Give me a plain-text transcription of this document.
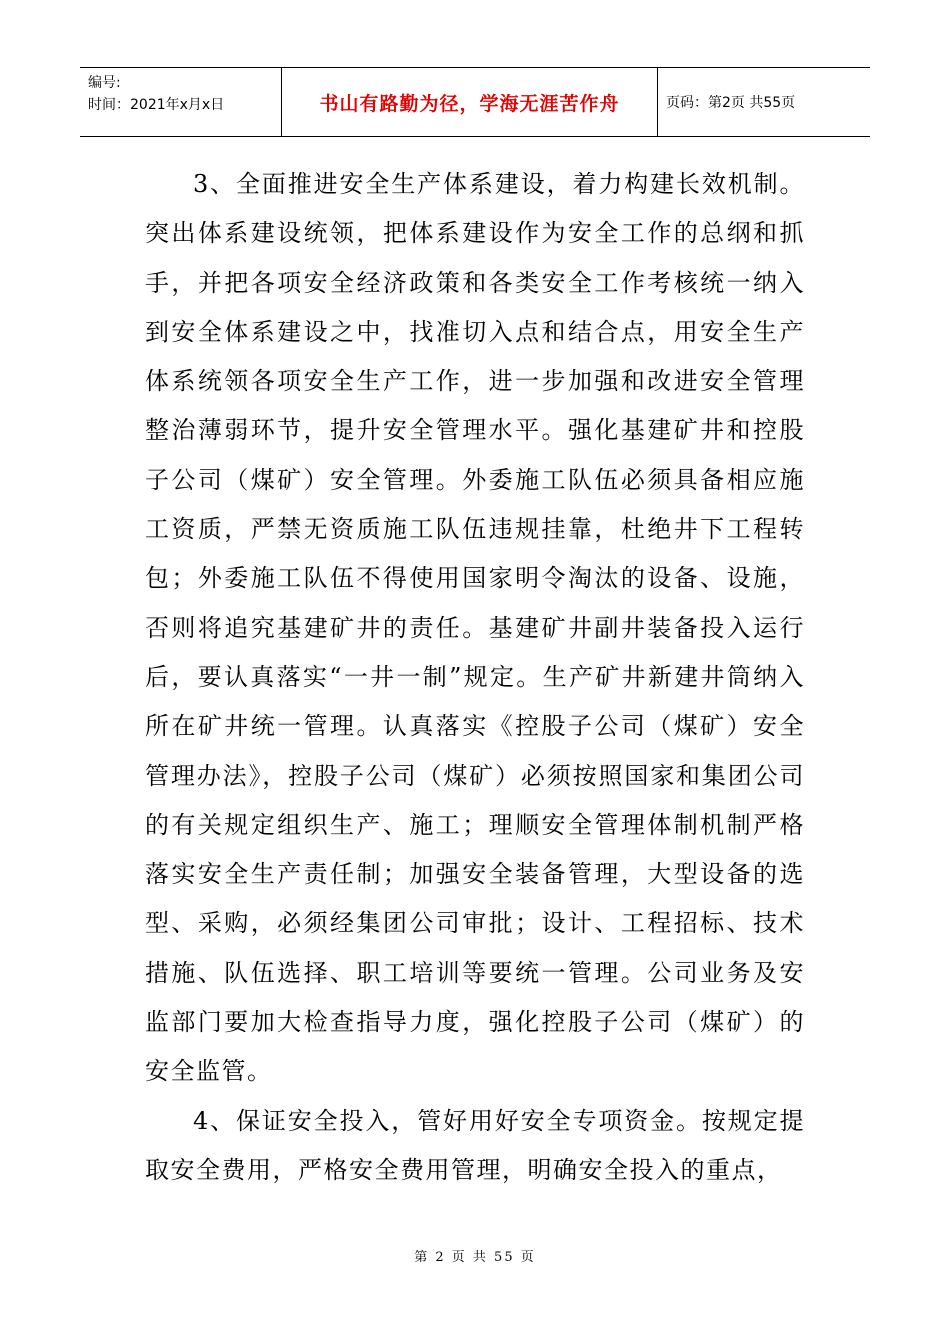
编号:
时间：2021年x月x日	书山有路勤为径，学海无涯苦作舟	页码：第2页 共55页

3、全面推进安全生产体系建设，着力构建长效机制。突出体系建设统领，把体系建设作为安全工作的总纲和抓手，并把各项安全经济政策和各类安全工作考核统一纳入到安全体系建设之中，找准切入点和结合点，用安全生产体系统领各项安全生产工作，进一步加强和改进安全管理整治薄弱环节，提升安全管理水平。强化基建矿井和控股子公司（煤矿）安全管理。外委施工队伍必须具备相应施工资质，严禁无资质施工队伍违规挂靠，杜绝井下工程转包；外委施工队伍不得使用国家明令淘汰的设备、设施，否则将追究基建矿井的责任。基建矿井副井装备投入运行后，要认真落实“一井一制”规定。生产矿井新建井筒纳入所在矿井统一管理。认真落实《控股子公司（煤矿）安全管理办法》，控股子公司（煤矿）必须按照国家和集团公司的有关规定组织生产、施工；理顺安全管理体制机制严格落实安全生产责任制；加强安全装备管理，大型设备的选型、采购，必须经集团公司审批；设计、工程招标、技术措施、队伍选择、职工培训等要统一管理。公司业务及安监部门要加大检查指导力度，强化控股子公司（煤矿）的安全监管。

4、保证安全投入，管好用好安全专项资金。按规定提取安全费用，严格安全费用管理，明确安全投入的重点，

第 2 页 共 55 页
